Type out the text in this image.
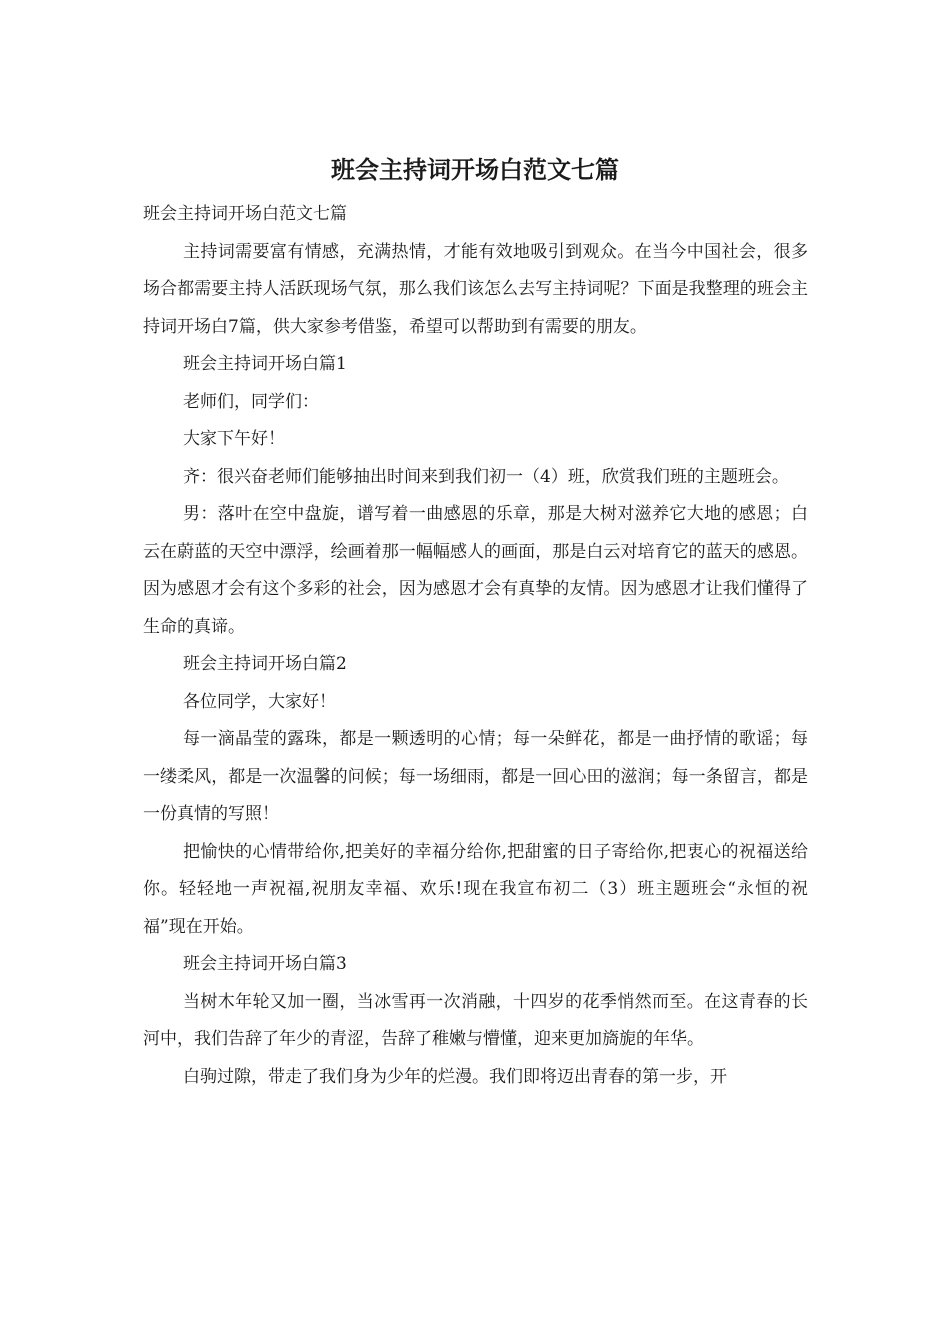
班会主持词开场白范文七篇

班会主持词开场白范文七篇

主持词需要富有情感，充满热情，才能有效地吸引到观众。在当今中国社会，很多场合都需要主持人活跃现场气氛，那么我们该怎么去写主持词呢？下面是我整理的班会主持词开场白7篇，供大家参考借鉴，希望可以帮助到有需要的朋友。

班会主持词开场白篇1

老师们，同学们：

大家下午好！

齐：很兴奋老师们能够抽出时间来到我们初一（4）班，欣赏我们班的主题班会。

男：落叶在空中盘旋，谱写着一曲感恩的乐章，那是大树对滋养它大地的感恩；白云在蔚蓝的天空中漂浮，绘画着那一幅幅感人的画面，那是白云对培育它的蓝天的感恩。因为感恩才会有这个多彩的社会，因为感恩才会有真挚的友情。因为感恩才让我们懂得了生命的真谛。

班会主持词开场白篇2

各位同学，大家好！

每一滴晶莹的露珠，都是一颗透明的心情；每一朵鲜花，都是一曲抒情的歌谣；每一缕柔风，都是一次温馨的问候；每一场细雨，都是一回心田的滋润；每一条留言，都是一份真情的写照！

把愉快的心情带给你,把美好的幸福分给你,把甜蜜的日子寄给你,把衷心的祝福送给你。轻轻地一声祝福,祝朋友幸福、欢乐!现在我宣布初二（3）班主题班会“永恒的祝福”现在开始。

班会主持词开场白篇3

当树木年轮又加一圈，当冰雪再一次消融，十四岁的花季悄然而至。在这青春的长河中，我们告辞了年少的青涩，告辞了稚嫩与懵懂，迎来更加旖旎的年华。

白驹过隙，带走了我们身为少年的烂漫。我们即将迈出青春的第一步，开
